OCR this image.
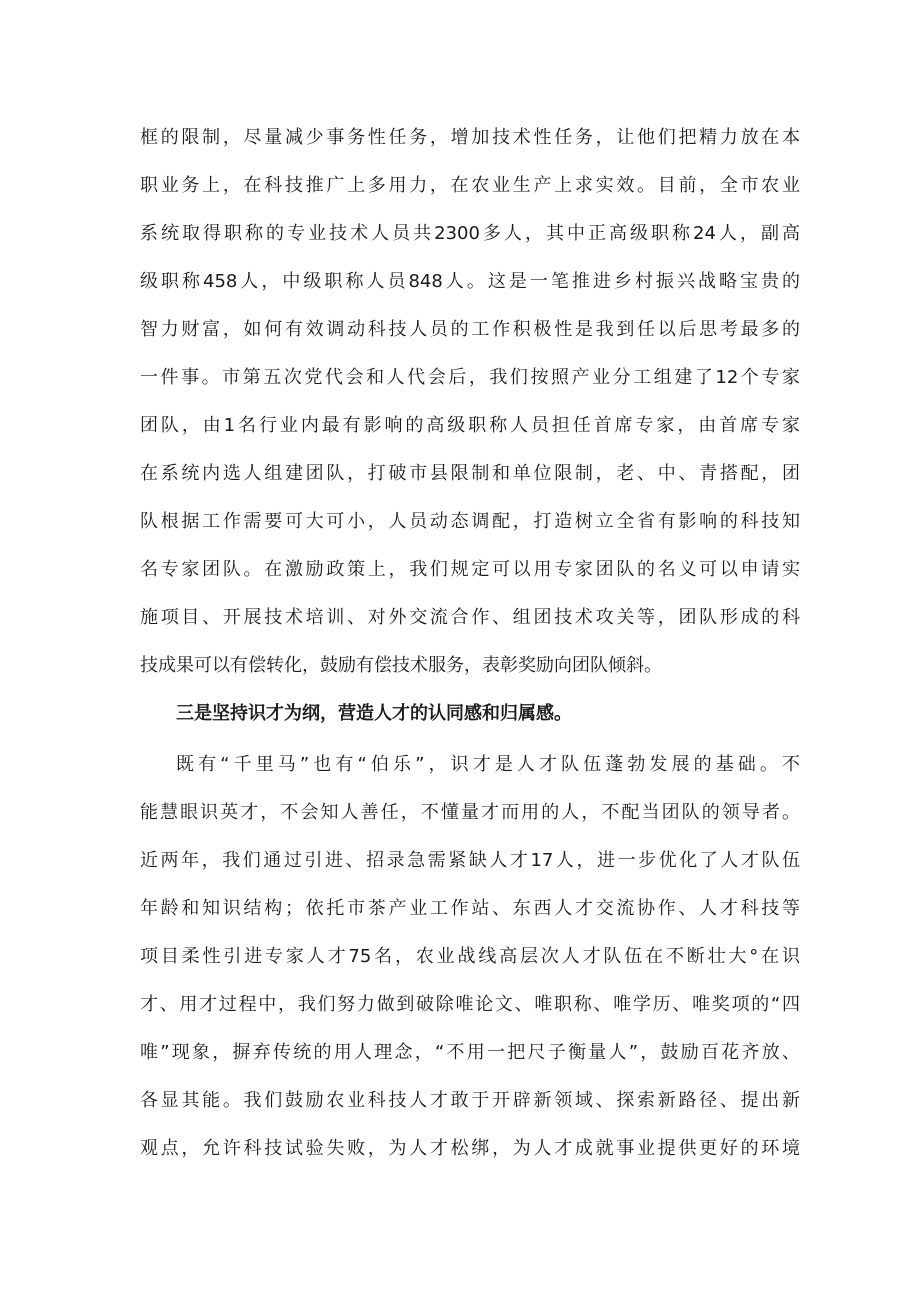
框的限制，尽量减少事务性任务，增加技术性任务，让他们把精力放在本
职业务上，在科技推广上多用力，在农业生产上求实效。目前，全市农业
系统取得职称的专业技术人员共2300多人，其中正高级职称24人，副高
级职称458人，中级职称人员848人。这是一笔推进乡村振兴战略宝贵的
智力财富，如何有效调动科技人员的工作积极性是我到任以后思考最多的
一件事。市第五次党代会和人代会后，我们按照产业分工组建了12个专家
团队，由1名行业内最有影响的高级职称人员担任首席专家，由首席专家
在系统内选人组建团队，打破市县限制和单位限制，老、中、青搭配，团
队根据工作需要可大可小，人员动态调配，打造树立全省有影响的科技知
名专家团队。在激励政策上，我们规定可以用专家团队的名义可以申请实
施项目、开展技术培训、对外交流合作、组团技术攻关等，团队形成的科
技成果可以有偿转化，鼓励有偿技术服务，表彰奖励向团队倾斜。
三是坚持识才为纲，营造人才的认同感和归属感。
既有“千里马”也有“伯乐”，识才是人才队伍蓬勃发展的基础。不
能慧眼识英才，不会知人善任，不懂量才而用的人，不配当团队的领导者。
近两年，我们通过引进、招录急需紧缺人才17人，进一步优化了人才队伍
年龄和知识结构；依托市茶产业工作站、东西人才交流协作、人才科技等
项目柔性引进专家人才75名，农业战线高层次人才队伍在不断壮大°在识
才、用才过程中，我们努力做到破除唯论文、唯职称、唯学历、唯奖项的“四
唯”现象，摒弃传统的用人理念，“不用一把尺子衡量人”，鼓励百花齐放、
各显其能。我们鼓励农业科技人才敢于开辟新领域、探索新路径、提出新
观点，允许科技试验失败，为人才松绑，为人才成就事业提供更好的环境
